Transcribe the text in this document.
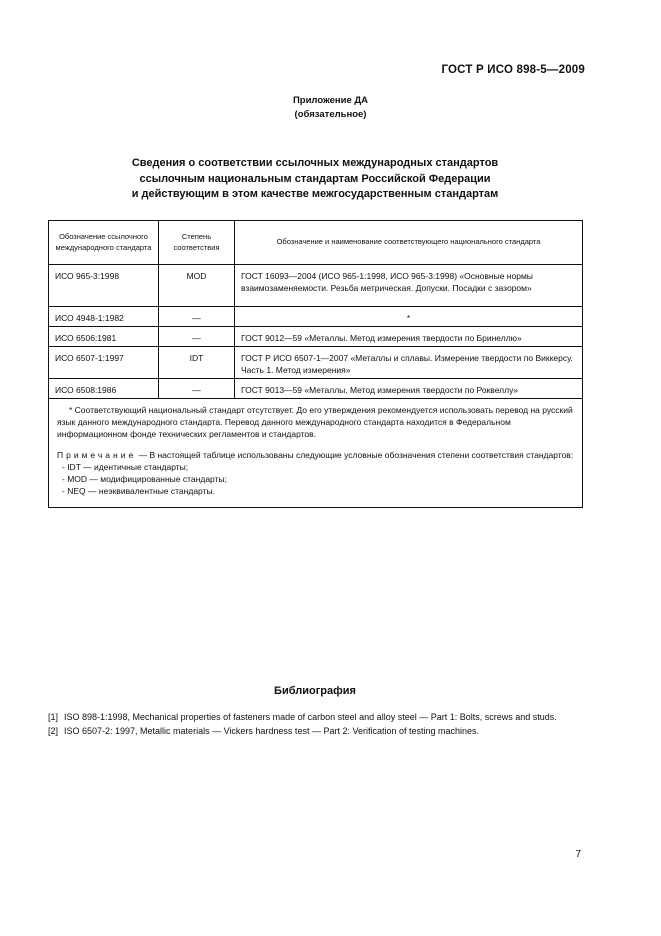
ГОСТ Р ИСО 898-5—2009
Приложение ДА
(обязательное)
Сведения о соответствии ссылочных международных стандартов
ссылочным национальным стандартам Российской Федерации
и действующим в этом качестве межгосударственным стандартам
Обозначение ссылочного международного стандарта	Степень соответствия	Обозначение и наименование соответствующего национального стандарта
ИСО 965-3:1998	MOD	ГОСТ 16093—2004 (ИСО 965-1:1998, ИСО 965-3:1998) «Основные нормы взаимозаменяемости. Резьба метрическая. Допуски. Посадки с зазором»
ИСО 4948-1:1982	—	*
ИСО 6506:1981	—	ГОСТ 9012—59 «Металлы. Метод измерения твердости по Бринеллю»
ИСО 6507-1:1997	IDT	ГОСТ Р ИСО 6507-1—2007 «Металлы и сплавы. Измерение твердости по Виккерсу. Часть 1. Метод измерения»
ИСО 6508:1986	—	ГОСТ 9013—59 «Металлы. Метод измерения твердости по Роквеллу»

* Соответствующий национальный стандарт отсутствует. До его утверждения рекомендуется использовать перевод на русский язык данного международного стандарта. Перевод данного международного стандарта находится в Федеральном информационном фонде технических регламентов и стандартов.

Примечание — В настоящей таблице использованы следующие условные обозначения степени соответствия стандартов:

- IDT — идентичные стандарты;

- MOD — модифицированные стандарты;

- NEQ — неэквивалентные стандарты.		

Библиография
[1] ISO 898-1:1998, Mechanical properties of fasteners made of carbon steel and alloy steel — Part 1: Bolts, screws and studs.
[2] ISO 6507-2: 1997, Metallic materials — Vickers hardness test — Part 2: Verification of testing machines.
7
